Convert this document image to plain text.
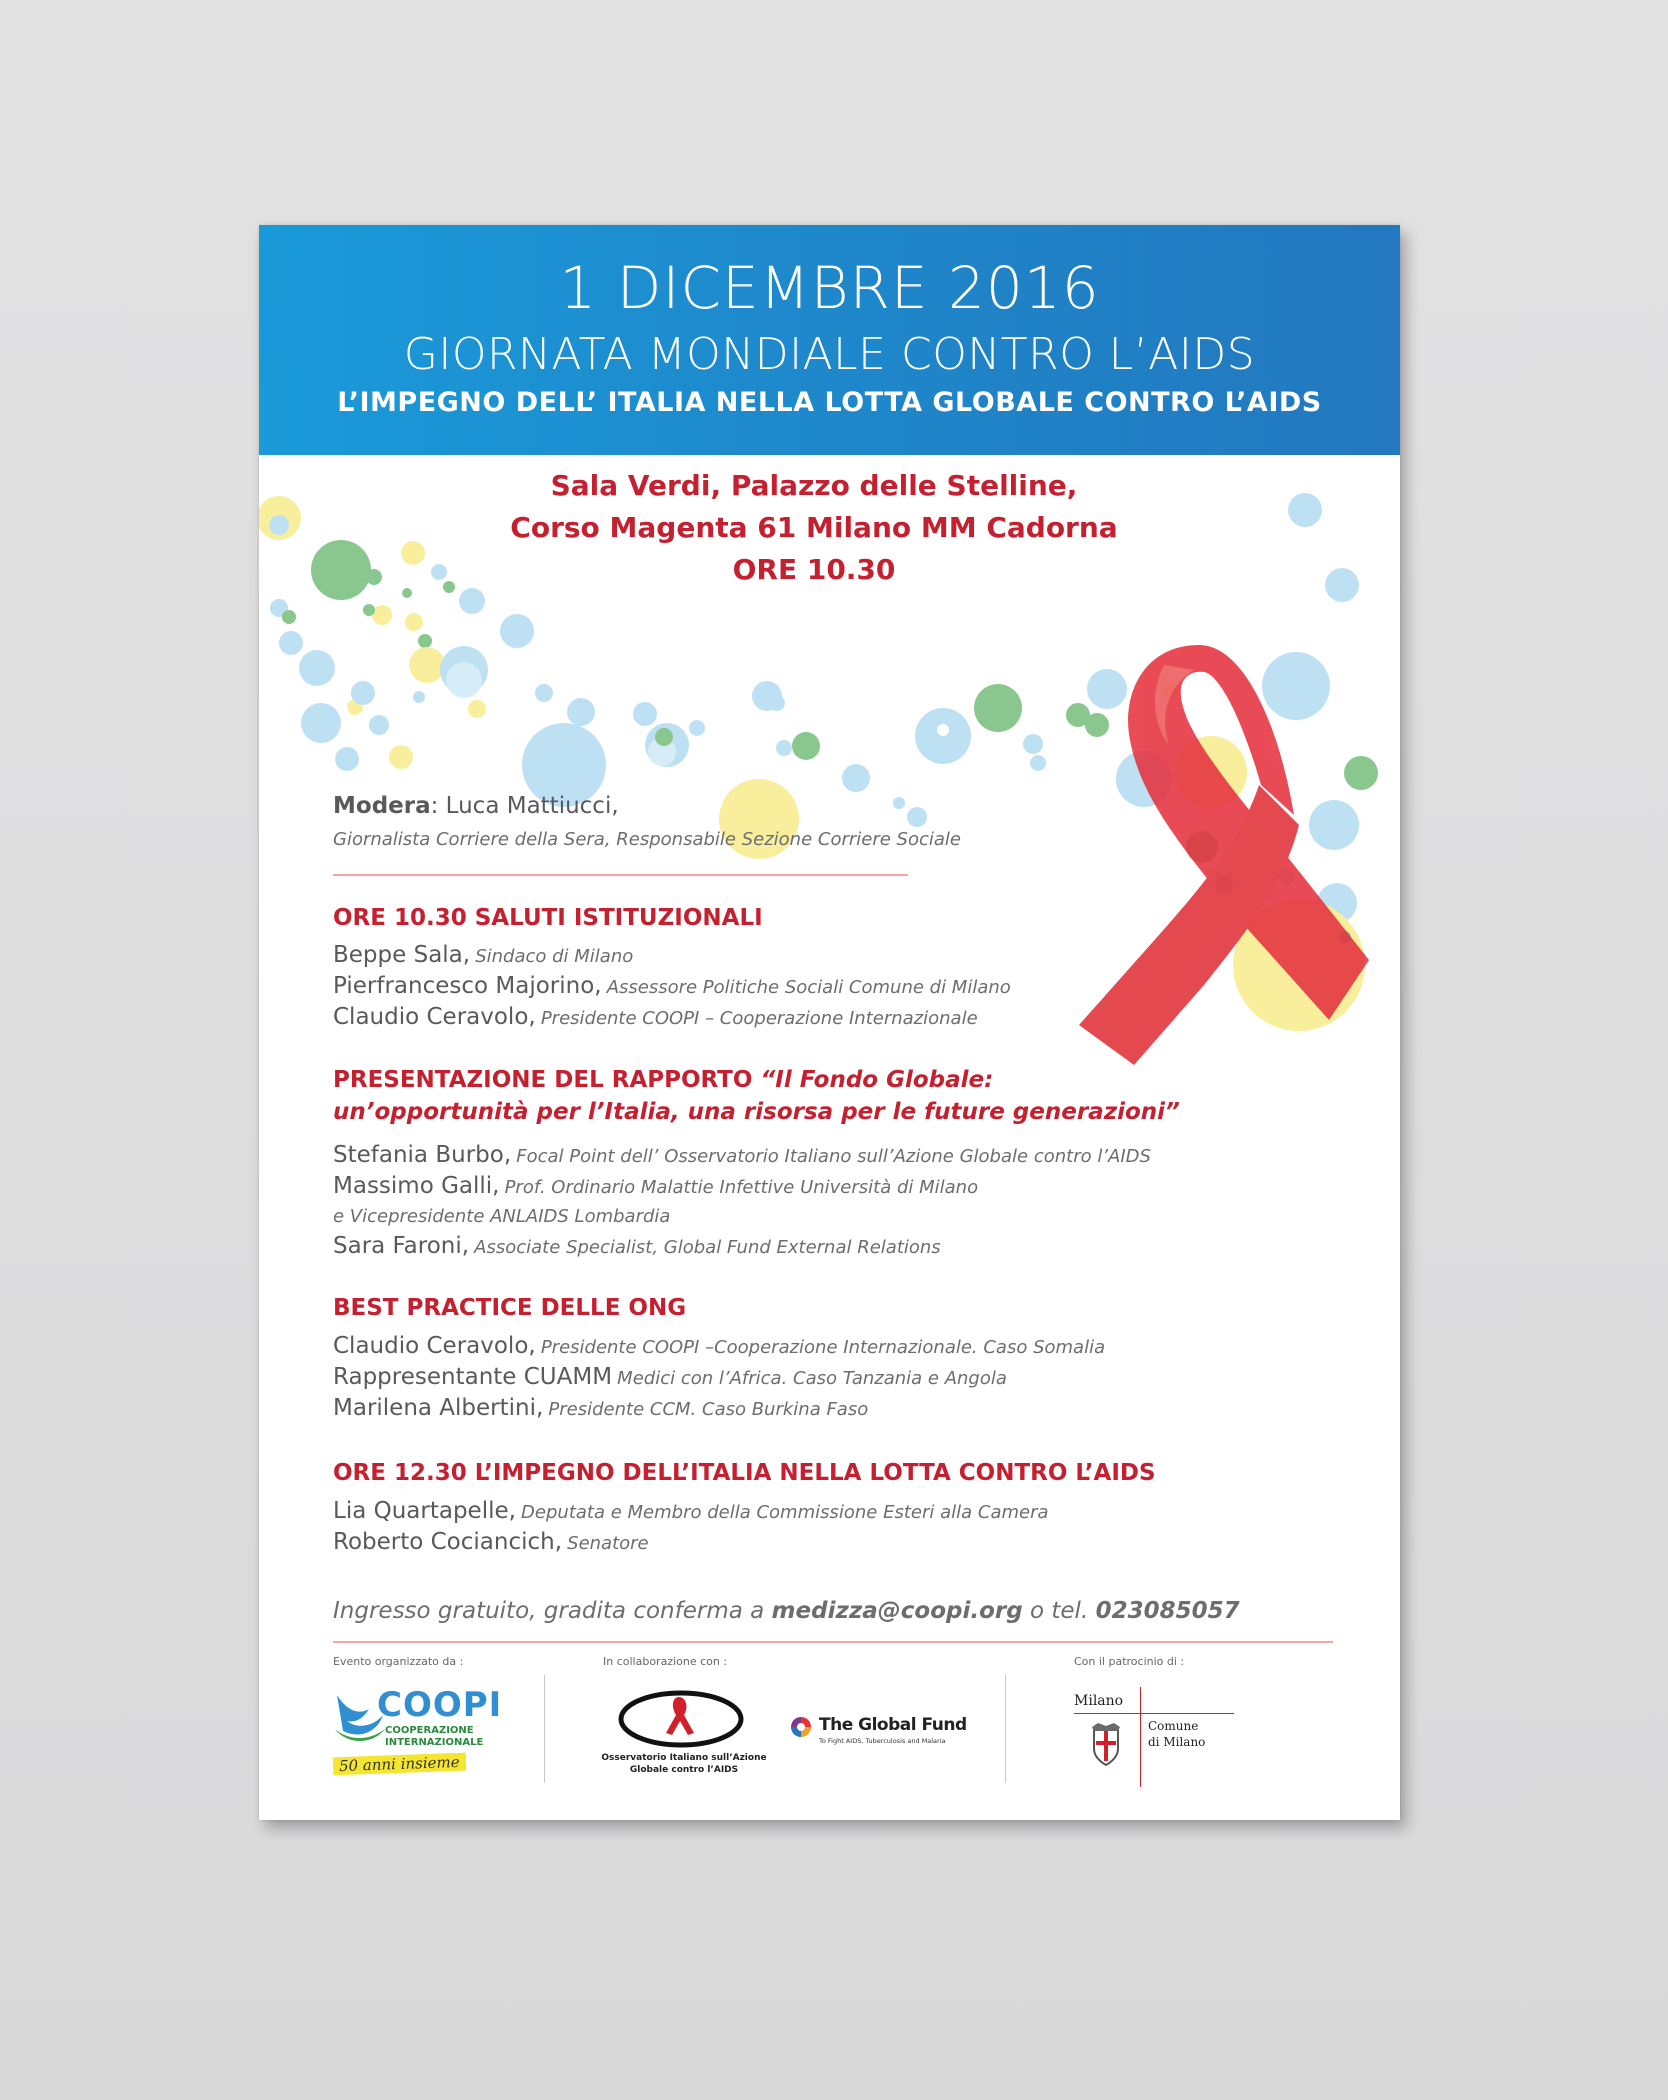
1 DICEMBRE 2016
GIORNATA MONDIALE CONTRO L’AIDS
L’IMPEGNO DELL’ ITALIA NELLA LOTTA GLOBALE CONTRO L’AIDS
Sala Verdi, Palazzo delle Stelline,
Corso Magenta 61 Milano MM Cadorna
ORE 10.30
Modera: Luca Mattiucci,
Giornalista Corriere della Sera, Responsabile Sezione Corriere Sociale
ORE 10.30 SALUTI ISTITUZIONALI
Beppe Sala, Sindaco di Milano
Pierfrancesco Majorino, Assessore Politiche Sociali Comune di Milano
Claudio Ceravolo, Presidente COOPI – Cooperazione Internazionale
PRESENTAZIONE DEL RAPPORTO “Il Fondo Globale:
un’opportunità per l’Italia, una risorsa per le future generazioni”
Stefania Burbo, Focal Point dell’ Osservatorio Italiano sull’Azione Globale contro l’AIDS
Massimo Galli, Prof. Ordinario Malattie Infettive Università di Milano
e Vicepresidente ANLAIDS Lombardia
Sara Faroni, Associate Specialist, Global Fund External Relations
BEST PRACTICE DELLE ONG
Claudio Ceravolo, Presidente COOPI –Cooperazione Internazionale. Caso Somalia
Rappresentante CUAMM Medici con l’Africa. Caso Tanzania e Angola
Marilena Albertini, Presidente CCM. Caso Burkina Faso
ORE 12.30 L’IMPEGNO DELL’ITALIA NELLA LOTTA CONTRO L’AIDS
Lia Quartapelle, Deputata e Membro della Commissione Esteri alla Camera
Roberto Cociancich, Senatore
Ingresso gratuito, gradita conferma a medizza@coopi.org o tel. 023085057
Evento organizzato da :	In collaborazione con :	Con il patrocinio di :
COOPI
COOPERAZIONE
INTERNAZIONALE
50 anni insieme	Osservatorio Italiano sull’Azione
Globale contro l’AIDS
The Global Fund
To Fight AIDS, Tuberculosis and Malaria
Milano
Comune
di Milano
